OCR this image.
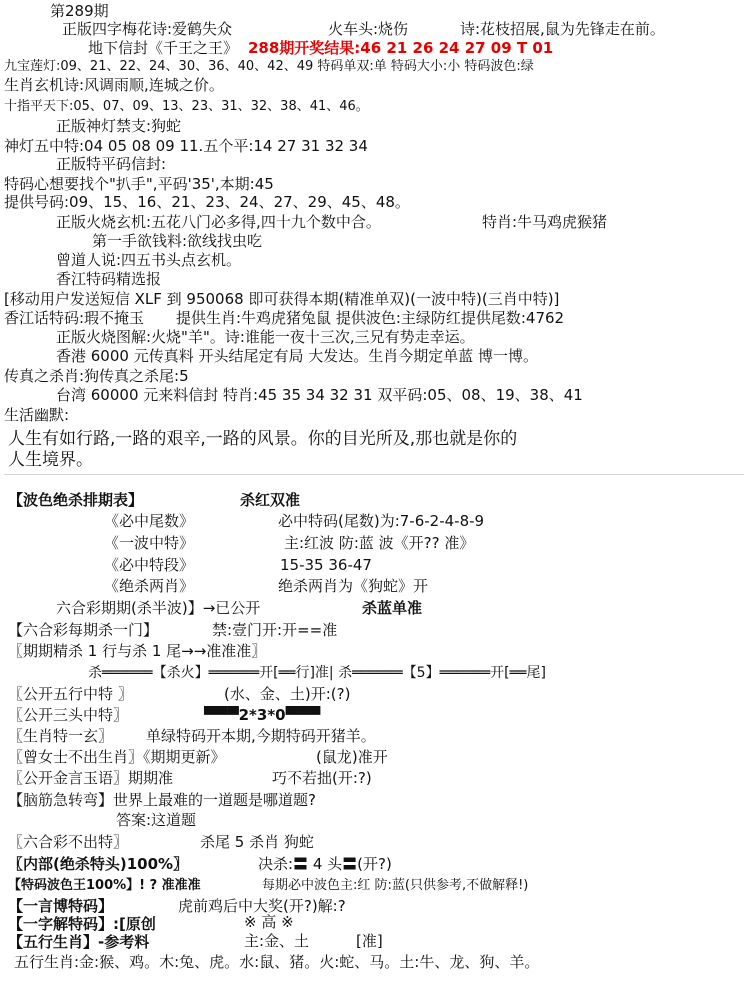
第289期
正版四字梅花诗:爱鹤失众	火车头:烧伤	诗:花枝招展,鼠为先锋走在前。
地下信封《千王之王》 288期开奖结果:46 21 26 24 27 09 T 01
九宝莲灯:09、21、22、24、30、36、40、42、49 特码单双:单 特码大小:小 特码波色:绿
生肖玄机诗:风调雨顺,连城之价。
十指平天下:05、07、09、13、23、31、32、38、41、46。
正版神灯禁支:狗蛇
神灯五中特:04 05 08 09 11.五个平:14 27 31 32 34
正版特平码信封:
特码心想要找个"扒手",平码'35',本期:45
提供号码:09、15、16、21、23、24、27、29、45、48。
正版火烧玄机:五花八门必多得,四十九个数中合。	特肖:牛马鸡虎猴猪
第一手欲钱料:欲线找虫吃
曾道人说:四五书头点玄机。
香江特码精选报
[移动用户发送短信 XLF 到 950068 即可获得本期(精准单双)(一波中特)(三肖中特)]
香江话特码:瑕不掩玉 提供生肖:牛鸡虎猪兔鼠 提供波色:主绿防红提供尾数:4762
正版火烧图解:火烧"羊"。诗:谁能一夜十三次,三兄有势走幸运。
香港 6000 元传真料 开头结尾定有局 大发达。生肖今期定单蓝 博一博。
传真之杀肖:狗传真之杀尾:5
台湾 60000 元来料信封 特肖:45 35 34 32 31 双平码:05、08、19、38、41
生活幽默:
人生有如行路,一路的艰辛,一路的风景。你的目光所及,那也就是你的
人生境界。
【波色绝杀排期表】	杀红双准
《必中尾数》	必中特码(尾数)为:7-6-2-4-8-9
《一波中特》	主:红波 防:蓝 波《开?? 准》
《必中特段》	15-35 36-47
《绝杀两肖》	绝杀两肖为《狗蛇》开
六合彩期期(杀半波)】→已公开	杀蓝单准
【六合彩每期杀一门】	禁:壹门开:开==准
〖期期精杀 1 行与杀 1 尾→→准准准〗
杀══════【杀火】══════开[══行]准| 杀══════【5】══════开[══尾]
〖公开五行中特 〗	(水、金、土)开:(?)
〖公开三头中特〗	▀▀▀2*3*0▀▀▀
〖生肖特一玄〗 单绿特码开本期,今期特码开猪羊。
〖曾女士不出生肖〗《期期更新》	(鼠龙)准开
〖公开金言玉语〗期期准	巧不若拙(开:?)
【脑筋急转弯】世界上最难的一道题是哪道题?
答案:这道题
〖六合彩不出特〗	杀尾 5 杀肖 狗蛇
〖内部(绝杀特头)100%〗	决杀:〓 4 头〓(开?)
【特码波色王100%】! ? 准准准	每期必中波色主:红 防:蓝(只供参考,不做解释!)
【一言博特码】	虎前鸡后中大奖(开?)解:?
【一字解特码】:[原创	※ 高 ※
【五行生肖】-参考料	主:金、土	[准]
五行生肖:金:猴、鸡。木:兔、虎。水:鼠、猪。火:蛇、马。土:牛、龙、狗、羊。
